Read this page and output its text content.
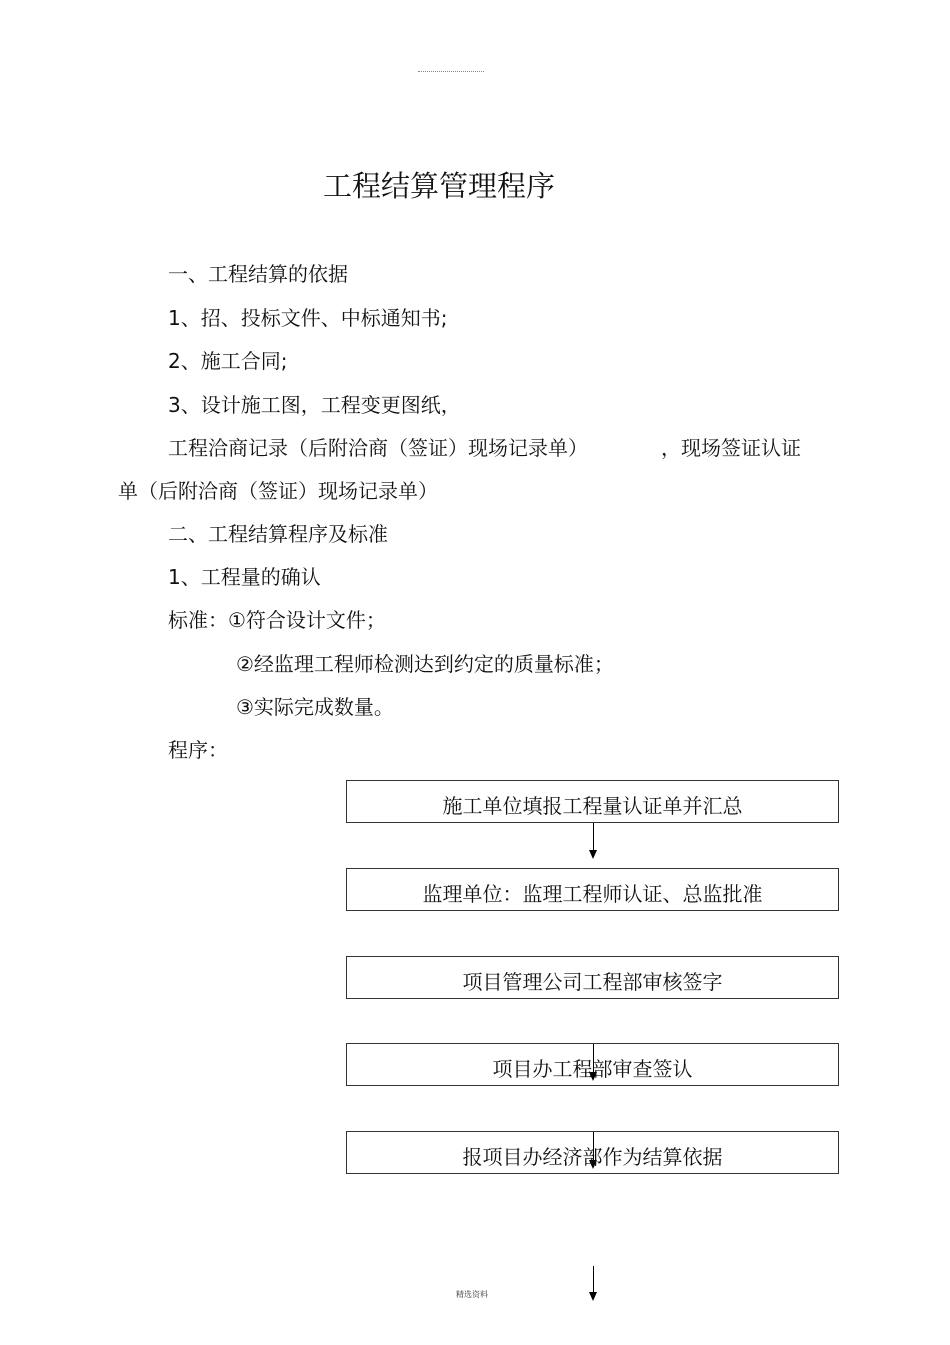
工程结算管理程序
一、工程结算的依据
1、招、投标文件、中标通知书;
2、施工合同;
3、设计施工图，工程变更图纸，
工程洽商记录（后附洽商（签证）现场记录单）	，现场签证认证
单（后附洽商（签证）现场记录单）
二、工程结算程序及标准
1、工程量的确认
标准：①符合设计文件；
②经监理工程师检测达到约定的质量标准；
③实际完成数量。
程序：
施工单位填报工程量认证单并汇总
监理单位：监理工程师认证、总监批准
项目管理公司工程部审核签字
项目办工程部审查签认
报项目办经济部作为结算依据
精选资料
